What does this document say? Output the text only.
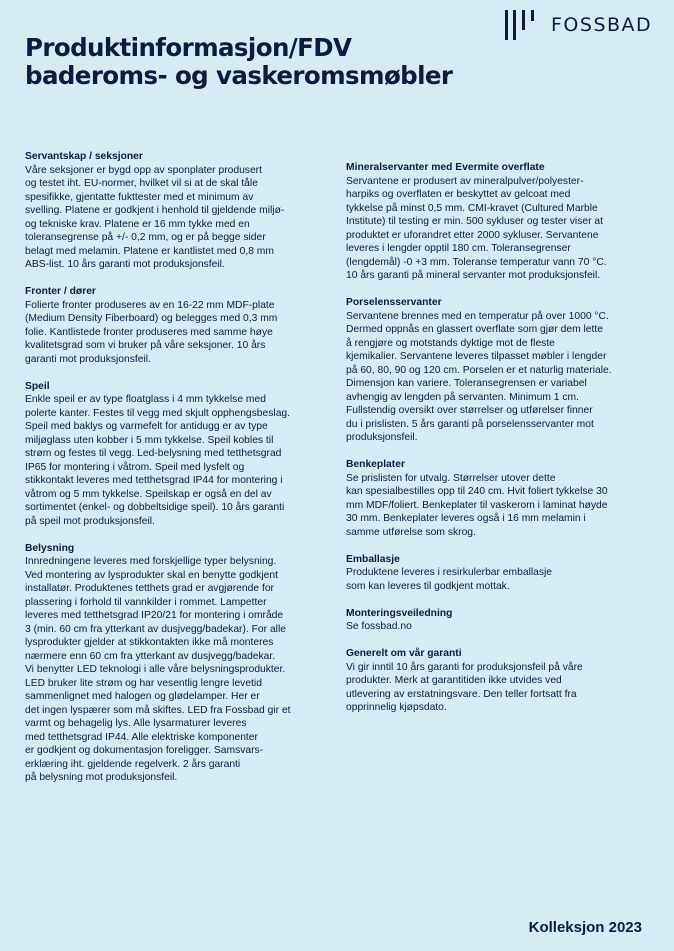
FOSSBAD
Produktinformasjon/FDV
baderoms- og vaskeromsmøbler
Servantskap / seksjoner

Våre seksjoner er bygd opp av sponplater produsert
og testet iht. EU-normer, hvilket vil si at de skal tåle
spesifikke, gjentatte fukttester med et minimum av
svelling. Platene er godkjent i henhold til gjeldende miljø-
og tekniske krav. Platene er 16 mm tykke med en
toleransegrense på +/- 0,2 mm, og er på begge sider
belagt med melamin. Platene er kantlistet med 0,8 mm
ABS-list. 10 års garanti mot produksjonsfeil.

Fronter / dører

Folierte fronter produseres av en 16-22 mm MDF-plate
(Medium Density Fiberboard) og belegges med 0,3 mm
folie. Kantlistede fronter produseres med samme høye
kvalitetsgrad som vi bruker på våre seksjoner. 10 års
garanti mot produksjonsfeil.

Speil

Enkle speil er av type floatglass i 4 mm tykkelse med
polerte kanter. Festes til vegg med skjult opphengsbeslag.
Speil med baklys og varmefelt for antidugg er av type
miljøglass uten kobber i 5 mm tykkelse. Speil kobles til
strøm og festes til vegg. Led-belysning med tetthetsgrad
IP65 for montering i våtrom. Speil med lysfelt og
stikkontakt leveres med tetthetsgrad IP44 for montering i
våtrom og 5 mm tykkelse. Speilskap er også en del av
sortimentet (enkel- og dobbeltsidige speil). 10 års garanti
på speil mot produksjonsfeil.

Belysning

Innredningene leveres med forskjellige typer belysning.
Ved montering av lysprodukter skal en benytte godkjent
installatør. Produktenes tetthets grad er avgjørende for
plassering i forhold til vannkilder i rommet. Lampetter
leveres med tetthetsgrad IP20/21 for montering i område
3 (min. 60 cm fra ytterkant av dusjvegg/badekar). For alle
lysprodukter gjelder at stikkontakten ikke må monteres
nærmere enn 60 cm fra ytterkant av dusjvegg/badekar.
Vi benytter LED teknologi i alle våre belysningsprodukter.
LED bruker lite strøm og har vesentlig lengre levetid
sammenlignet med halogen og glødelamper. Her er
det ingen lyspærer som må skiftes. LED fra Fossbad gir et
varmt og behagelig lys. Alle lysarmaturer leveres
med tetthetsgrad IP44. Alle elektriske komponenter
er godkjent og dokumentasjon foreligger. Samsvars-
erklæring iht. gjeldende regelverk. 2 års garanti
på belysning mot produksjonsfeil.

Mineralservanter med Evermite overflate

Servantene er produsert av mineralpulver/polyester-
harpiks og overflaten er beskyttet av gelcoat med
tykkelse på minst 0,5 mm. CMI-kravet (Cultured Marble
Institute) til testing er min. 500 sykluser og tester viser at
produktet er uforandret etter 2000 sykluser. Servantene
leveres i lengder opptil 180 cm. Toleransegrenser
(lengdemål) -0 +3 mm. Toleranse temperatur vann 70 °C.
10 års garanti på mineral servanter mot produksjonsfeil.

Porselensservanter

Servantene brennes med en temperatur på over 1000 °C.
Dermed oppnås en glassert overflate som gjør dem lette
å rengjøre og motstands dyktige mot de fleste
kjemikalier. Servantene leveres tilpasset møbler i lengder
på 60, 80, 90 og 120 cm. Porselen er et naturlig materiale.
Dimensjon kan variere. Toleransegrensen er variabel
avhengig av lengden på servanten. Minimum 1 cm.
Fullstendig oversikt over størrelser og utførelser finner
du i prislisten. 5 års garanti på porselensservanter mot
produksjonsfeil.

Benkeplater

Se prislisten for utvalg. Størrelser utover dette
kan spesialbestilles opp til 240 cm. Hvit foliert tykkelse 30
mm MDF/foliert. Benkeplater til vaskerom i laminat høyde
30 mm. Benkeplater leveres også i 16 mm melamin i
samme utførelse som skrog.

Emballasje

Produktene leveres i resirkulerbar emballasje
som kan leveres til godkjent mottak.

Monteringsveiledning

Se fossbad.no

Generelt om vår garanti

Vi gir inntil 10 års garanti for produksjonsfeil på våre
produkter. Merk at garantitiden ikke utvides ved
utlevering av erstatningsvare. Den teller fortsatt fra
opprinnelig kjøpsdato.

Kolleksjon 2023
